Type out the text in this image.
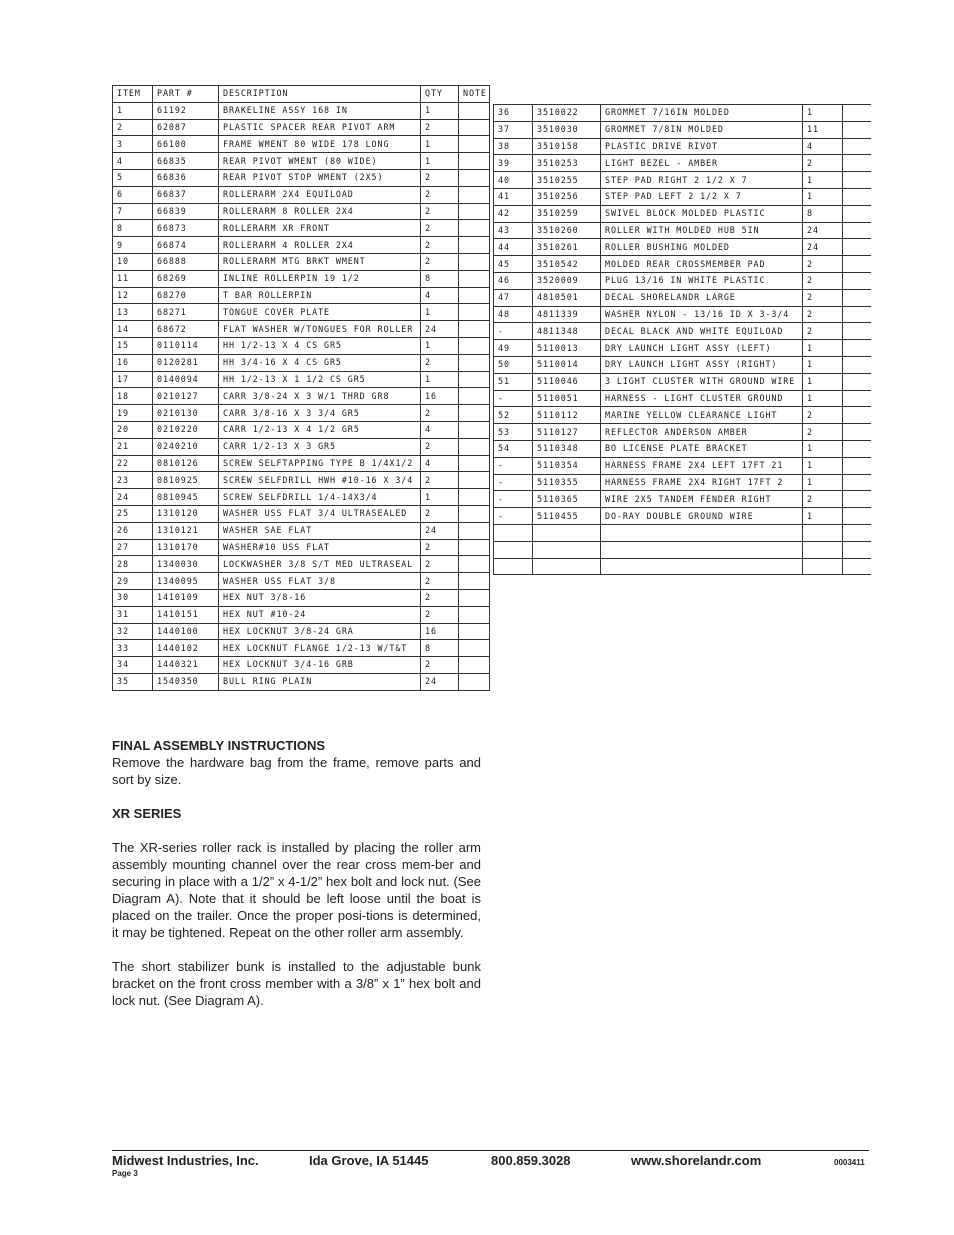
ITEM	PART #	DESCRIPTION	QTY	NOTE
1	61192	BRAKELINE ASSY 168 IN	1	
2	62087	PLASTIC SPACER REAR PIVOT ARM	2	
3	66100	FRAME WMENT 80 WIDE 178 LONG	1	
4	66835	REAR PIVOT WMENT (80 WIDE)	1	
5	66836	REAR PIVOT STOP WMENT (2X5)	2	
6	66837	ROLLERARM 2X4 EQUILOAD	2	
7	66839	ROLLERARM 8 ROLLER 2X4	2	
8	66873	ROLLERARM XR FRONT	2	
9	66874	ROLLERARM 4 ROLLER 2X4	2	
10	66888	ROLLERARM MTG BRKT WMENT	2	
11	68269	INLINE ROLLERPIN 19 1/2	8	
12	68270	T BAR ROLLERPIN	4	
13	68271	TONGUE COVER PLATE	1	
14	68672	FLAT WASHER W/TONGUES FOR ROLLER	24	
15	0110114	HH 1/2-13 X 4 CS GR5	1	
16	0120281	HH 3/4-16 X 4 CS GR5	2	
17	0140094	HH 1/2-13 X 1 1/2 CS GR5	1	
18	0210127	CARR 3/8-24 X 3 W/1 THRD GR8	16	
19	0210130	CARR 3/8-16 X 3 3/4 GR5	2	
20	0210220	CARR 1/2-13 X 4 1/2 GR5	4	
21	0240210	CARR 1/2-13 X 3 GR5	2	
22	0810126	SCREW SELFTAPPING TYPE B 1/4X1/2	4	
23	0810925	SCREW SELFDRILL HWH #10-16 X 3/4	2	
24	0810945	SCREW SELFDRILL 1/4-14X3/4	1	
25	1310120	WASHER USS FLAT 3/4 ULTRASEALED	2	
26	1310121	WASHER SAE FLAT	24	
27	1310170	WASHER#10 USS FLAT	2	
28	1340030	LOCKWASHER 3/8 S/T MED ULTRASEAL	2	
29	1340095	WASHER USS FLAT 3/8	2	
30	1410109	HEX NUT 3/8-16	2	
31	1410151	HEX NUT #10-24	2	
32	1440100	HEX LOCKNUT 3/8-24 GRA	16	
33	1440102	HEX LOCKNUT FLANGE 1/2-13 W/T&T	8	
34	1440321	HEX LOCKNUT 3/4-16 GRB	2	
35	1540350	BULL RING PLAIN	24	
36	3510022	GROMMET 7/16IN MOLDED	1	
37	3510030	GROMMET 7/8IN MOLDED	11	
38	3510158	PLASTIC DRIVE RIVOT	4	
39	3510253	LIGHT BEZEL - AMBER	2	
40	3510255	STEP PAD RIGHT 2 1/2 X 7	1	
41	3510256	STEP PAD LEFT 2 1/2 X 7	1	
42	3510259	SWIVEL BLOCK MOLDED PLASTIC	8	
43	3510260	ROLLER WITH MOLDED HUB 5IN	24	
44	3510261	ROLLER BUSHING MOLDED	24	
45	3510542	MOLDED REAR CROSSMEMBER PAD	2	
46	3520009	PLUG 13/16 IN WHITE PLASTIC	2	
47	4810501	DECAL SHORELANDR LARGE	2	
48	4811339	WASHER NYLON - 13/16 ID X 3-3/4	2	
-	4811348	DECAL BLACK AND WHITE EQUILOAD	2	
49	5110013	DRY LAUNCH LIGHT ASSY (LEFT)	1	
50	5110014	DRY LAUNCH LIGHT ASSY (RIGHT)	1	
51	5110046	3 LIGHT CLUSTER WITH GROUND WIRE	1	
-	5110051	HARNESS - LIGHT CLUSTER GROUND	1	
52	5110112	MARINE YELLOW CLEARANCE LIGHT	2	
53	5110127	REFLECTOR ANDERSON AMBER	2	
54	5110348	BO LICENSE PLATE BRACKET	1	
-	5110354	HARNESS FRAME 2X4 LEFT 17FT 21	1	
-	5110355	HARNESS FRAME 2X4 RIGHT 17FT 2	1	
-	5110365	WIRE 2X5 TANDEM FENDER RIGHT	2	
-	5110455	DO-RAY DOUBLE GROUND WIRE	1	

FINAL ASSEMBLY INSTRUCTIONS

Remove the hardware bag from the frame, remove parts and sort by size.

XR SERIES

The XR-series roller rack is installed by placing the roller arm assembly mounting channel over the rear cross mem-ber and securing in place with a 1/2” x 4-1/2” hex bolt and lock nut. (See Diagram A). Note that it should be left loose until the boat is placed on the trailer. Once the proper posi-tions is determined, it may be tightened. Repeat on the other roller arm assembly.

The short stabilizer bunk is installed to the adjustable bunk bracket on the front cross member with a 3/8” x 1” hex bolt and lock nut. (See Diagram A).

Midwest Industries, Inc.	Ida Grove, IA 51445	800.859.3028	www.shorelandr.com
Page 3
0003411
